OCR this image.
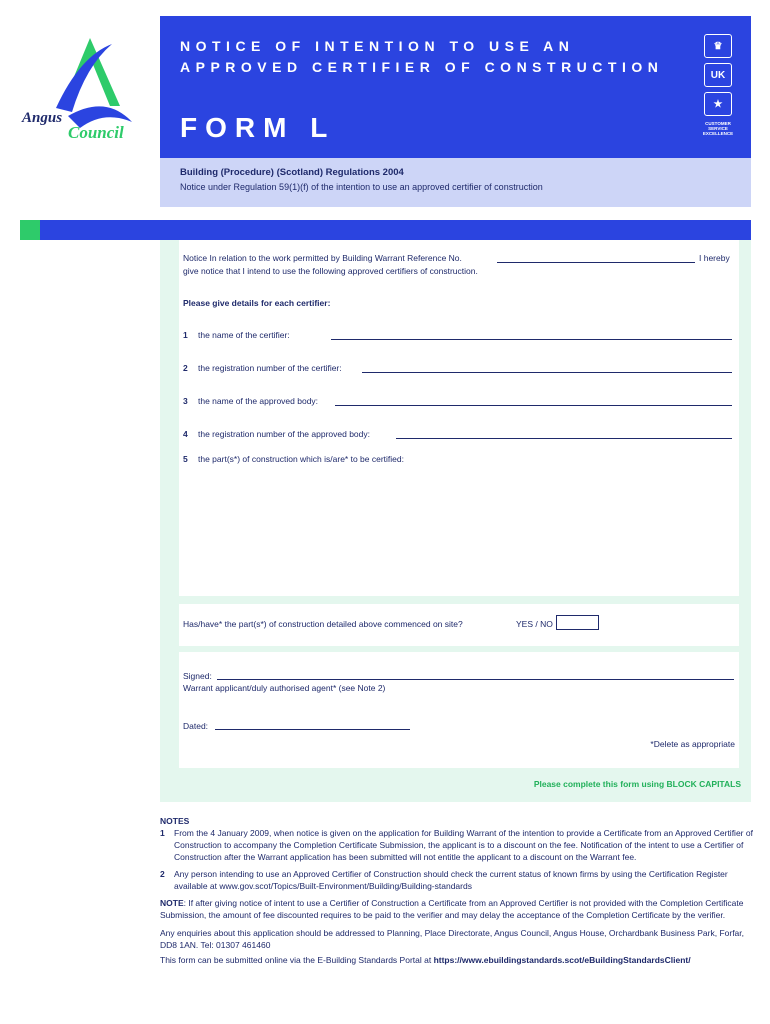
Angus
Council

NOTICE OF INTENTION TO USE AN
APPROVED CERTIFIER OF CONSTRUCTION

FORM L

♛
UK
★
CUSTOMER SERVICE EXCELLENCE
Building (Procedure) (Scotland) Regulations 2004
Notice under Regulation 59(1)(f) of the intention to use an approved certifier of construction
Notice In relation to the work permitted by Building Warrant Reference No.	I hereby
give notice that I intend to use the following approved certifiers of construction.
Please give details for each certifier:
1 the name of the certifier:
2 the registration number of the certifier:
3 the name of the approved body:
4 the registration number of the approved body:
5 the part(s*) of construction which is/are* to be certified:
Has/have* the part(s*) of construction detailed above commenced on site?	YES / NO
Signed:
Warrant applicant/duly authorised agent* (see Note 2)
Dated:
*Delete as appropriate
Please complete this form using BLOCK CAPITALS

NOTES

1	From the 4 January 2009, when notice is given on the application for Building Warrant of the intention to provide a Certificate from an Approved Certifier of Construction to accompany the Completion Certificate Submission, the applicant is to a discount on the fee. Notification of the intent to use a Certifier of Construction after the Warrant application has been submitted will not entitle the applicant to a discount on the Warrant fee.
2	Any person intending to use an Approved Certifier of Construction should check the current status of known firms by using the Certification Register available at www.gov.scot/Topics/Built-Environment/Building/Building-standards

NOTE: If after giving notice of intent to use a Certifier of Construction a Certificate from an Approved Certifier is not provided with the Completion Certificate Submission, the amount of fee discounted requires to be paid to the verifier and may delay the acceptance of the Completion Certificate by the verifier.

Any enquiries about this application should be addressed to Planning, Place Directorate, Angus Council, Angus House, Orchardbank Business Park, Forfar, DD8 1AN. Tel: 01307 461460

This form can be submitted online via the E-Building Standards Portal at https://www.ebuildingstandards.scot/eBuildingStandardsClient/
